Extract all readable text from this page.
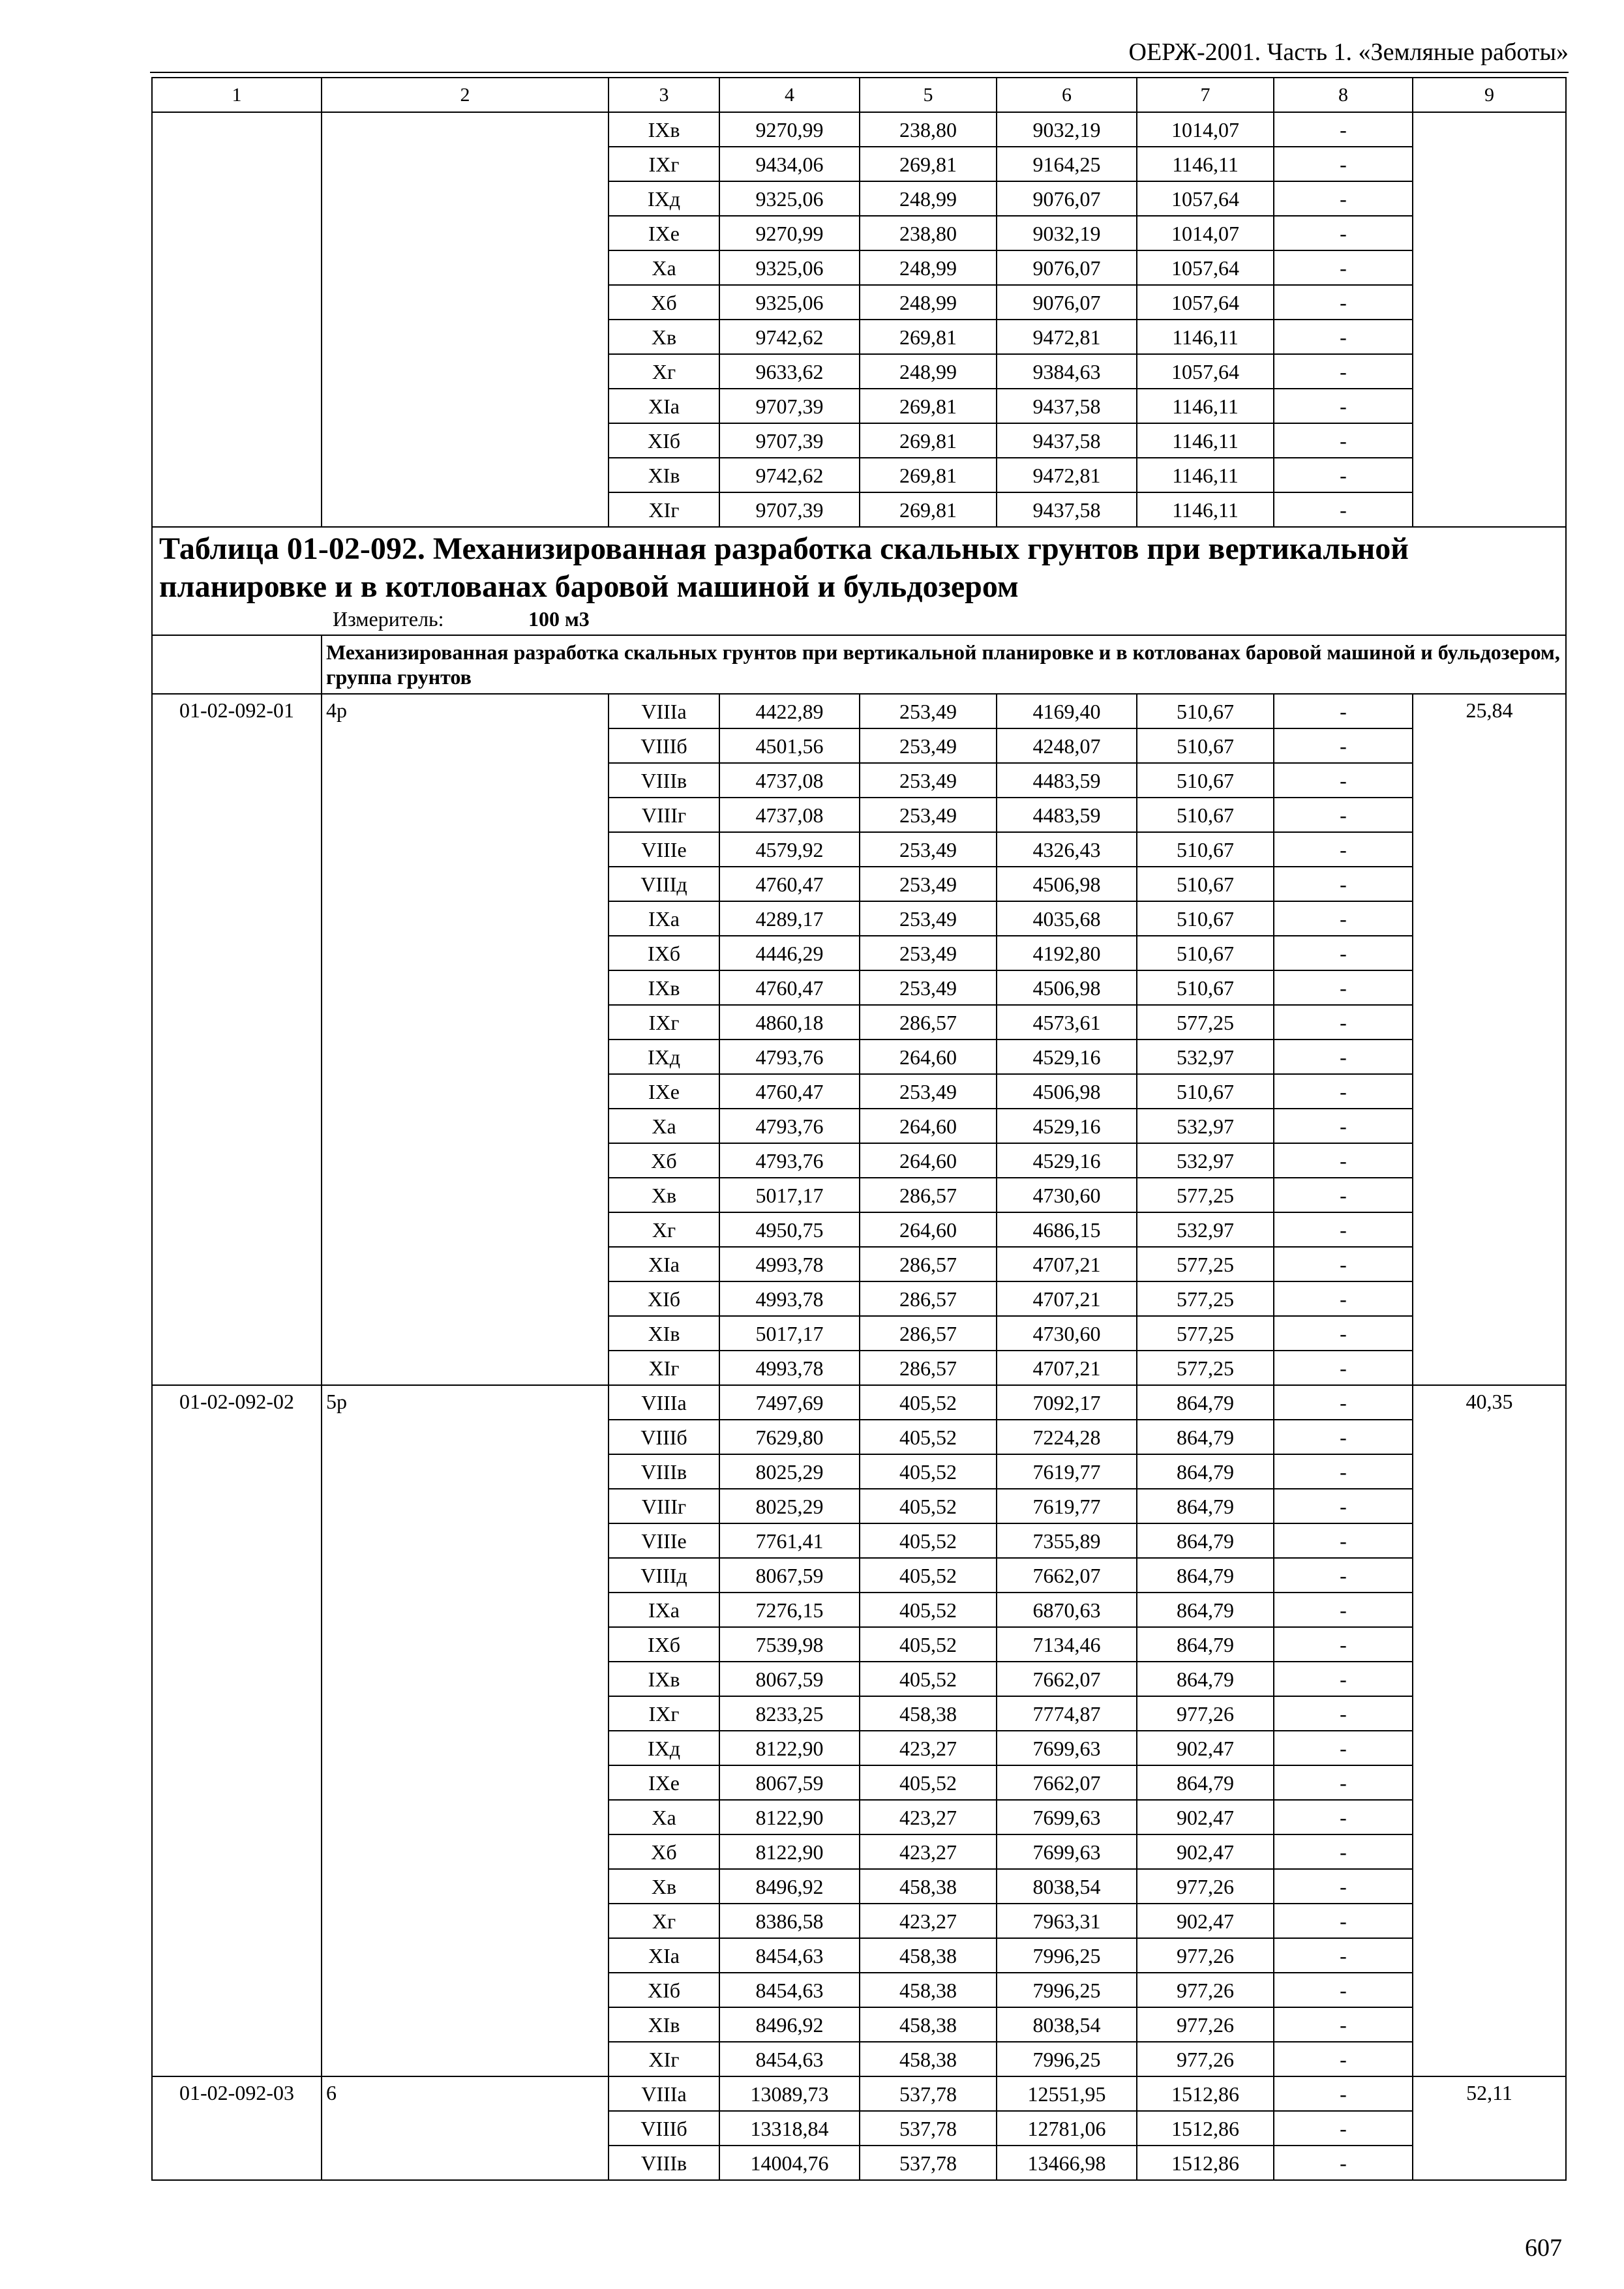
ОЕРЖ-2001. Часть 1. «Земляные работы»
1	2	3	4	5	6	7	8	9
		IXв	9270,99	238,80	9032,19	1014,07	-	
		IXг	9434,06	269,81	9164,25	1146,11	-	
		IXд	9325,06	248,99	9076,07	1057,64	-	
		IXе	9270,99	238,80	9032,19	1014,07	-	
		Xа	9325,06	248,99	9076,07	1057,64	-	
		Xб	9325,06	248,99	9076,07	1057,64	-	
		Xв	9742,62	269,81	9472,81	1146,11	-	
		Xг	9633,62	248,99	9384,63	1057,64	-	
		XIа	9707,39	269,81	9437,58	1146,11	-	
		XIб	9707,39	269,81	9437,58	1146,11	-	
		XIв	9742,62	269,81	9472,81	1146,11	-	
		XIг	9707,39	269,81	9437,58	1146,11	-	

Таблица 01-02-092. Механизированная разработка скальных грунтов при вертикальной планировке и в котлованах баровой машиной и бульдозером
Измеритель: 100 м3								

	Механизированная разработка скальных грунтов при вертикальной планировке и в котлованах баровой машиной и бульдозером, группа грунтов							
01-02-092-01	4р	VIIIа	4422,89	253,49	4169,40	510,67	-	25,84
		VIIIб	4501,56	253,49	4248,07	510,67	-	
		VIIIв	4737,08	253,49	4483,59	510,67	-	
		VIIIг	4737,08	253,49	4483,59	510,67	-	
		VIIIе	4579,92	253,49	4326,43	510,67	-	
		VIIIд	4760,47	253,49	4506,98	510,67	-	
		IXа	4289,17	253,49	4035,68	510,67	-	
		IXб	4446,29	253,49	4192,80	510,67	-	
		IXв	4760,47	253,49	4506,98	510,67	-	
		IXг	4860,18	286,57	4573,61	577,25	-	
		IXд	4793,76	264,60	4529,16	532,97	-	
		IXе	4760,47	253,49	4506,98	510,67	-	
		Xа	4793,76	264,60	4529,16	532,97	-	
		Xб	4793,76	264,60	4529,16	532,97	-	
		Xв	5017,17	286,57	4730,60	577,25	-	
		Xг	4950,75	264,60	4686,15	532,97	-	
		XIа	4993,78	286,57	4707,21	577,25	-	
		XIб	4993,78	286,57	4707,21	577,25	-	
		XIв	5017,17	286,57	4730,60	577,25	-	
		XIг	4993,78	286,57	4707,21	577,25	-	
01-02-092-02	5р	VIIIа	7497,69	405,52	7092,17	864,79	-	40,35
		VIIIб	7629,80	405,52	7224,28	864,79	-	
		VIIIв	8025,29	405,52	7619,77	864,79	-	
		VIIIг	8025,29	405,52	7619,77	864,79	-	
		VIIIе	7761,41	405,52	7355,89	864,79	-	
		VIIIд	8067,59	405,52	7662,07	864,79	-	
		IXа	7276,15	405,52	6870,63	864,79	-	
		IXб	7539,98	405,52	7134,46	864,79	-	
		IXв	8067,59	405,52	7662,07	864,79	-	
		IXг	8233,25	458,38	7774,87	977,26	-	
		IXд	8122,90	423,27	7699,63	902,47	-	
		IXе	8067,59	405,52	7662,07	864,79	-	
		Xа	8122,90	423,27	7699,63	902,47	-	
		Xб	8122,90	423,27	7699,63	902,47	-	
		Xв	8496,92	458,38	8038,54	977,26	-	
		Xг	8386,58	423,27	7963,31	902,47	-	
		XIа	8454,63	458,38	7996,25	977,26	-	
		XIб	8454,63	458,38	7996,25	977,26	-	
		XIв	8496,92	458,38	8038,54	977,26	-	
		XIг	8454,63	458,38	7996,25	977,26	-	
01-02-092-03	6	VIIIа	13089,73	537,78	12551,95	1512,86	-	52,11
		VIIIб	13318,84	537,78	12781,06	1512,86	-	
		VIIIв	14004,76	537,78	13466,98	1512,86	-	
607
